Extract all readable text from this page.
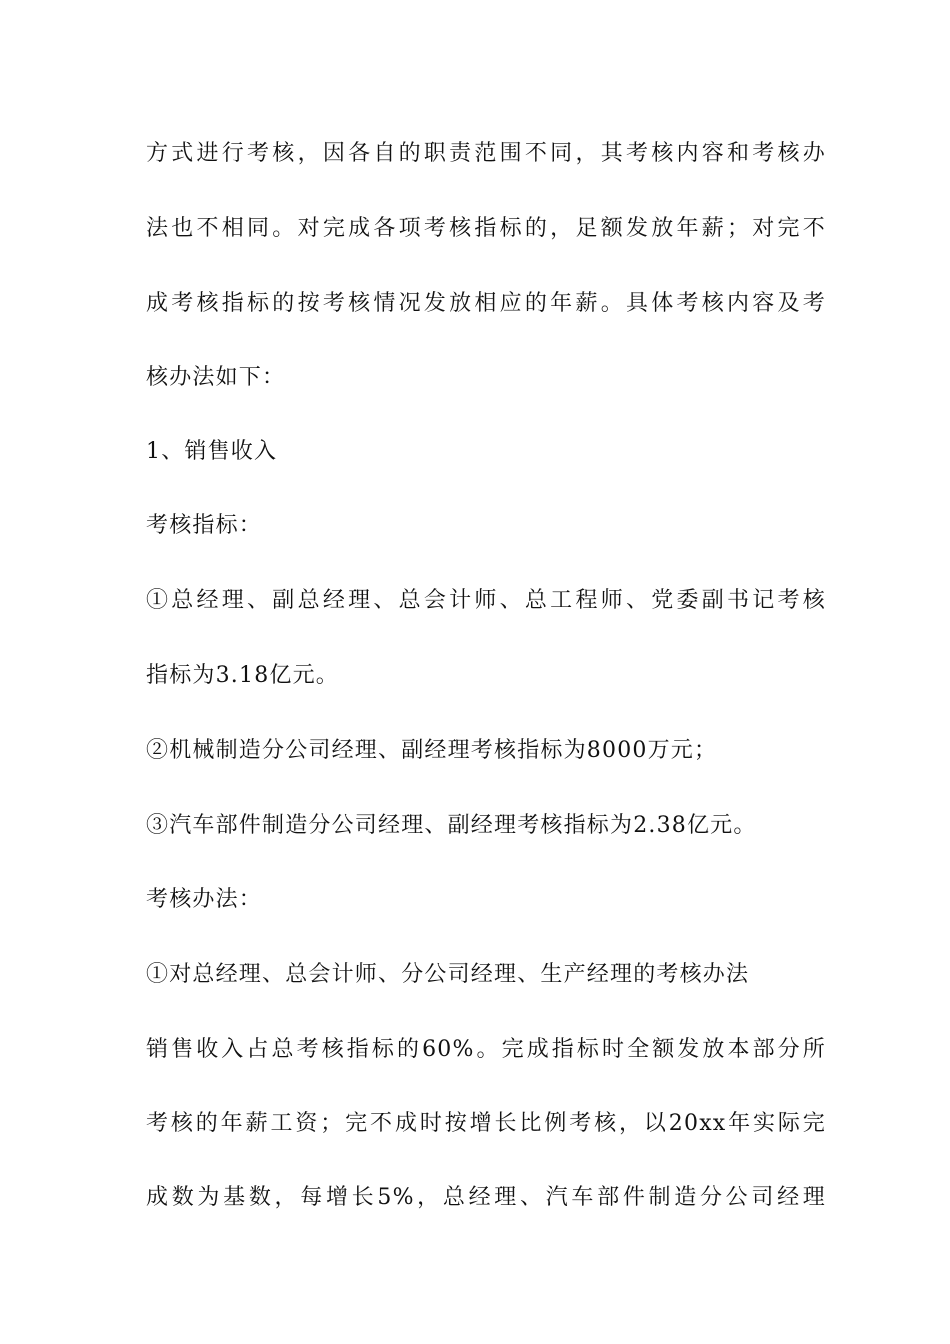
方式进行考核，因各自的职责范围不同，其考核内容和考核办
法也不相同。对完成各项考核指标的，足额发放年薪；对完不
成考核指标的按考核情况发放相应的年薪。具体考核内容及考
核办法如下：
1、销售收入
考核指标：
①总经理、副总经理、总会计师、总工程师、党委副书记考核
指标为3.18亿元。
②机械制造分公司经理、副经理考核指标为8000万元；
③汽车部件制造分公司经理、副经理考核指标为2.38亿元。
考核办法：
①对总经理、总会计师、分公司经理、生产经理的考核办法
销售收入占总考核指标的60%。完成指标时全额发放本部分所
考核的年薪工资；完不成时按增长比例考核，以20xx年实际完
成数为基数，每增长5%，总经理、汽车部件制造分公司经理
